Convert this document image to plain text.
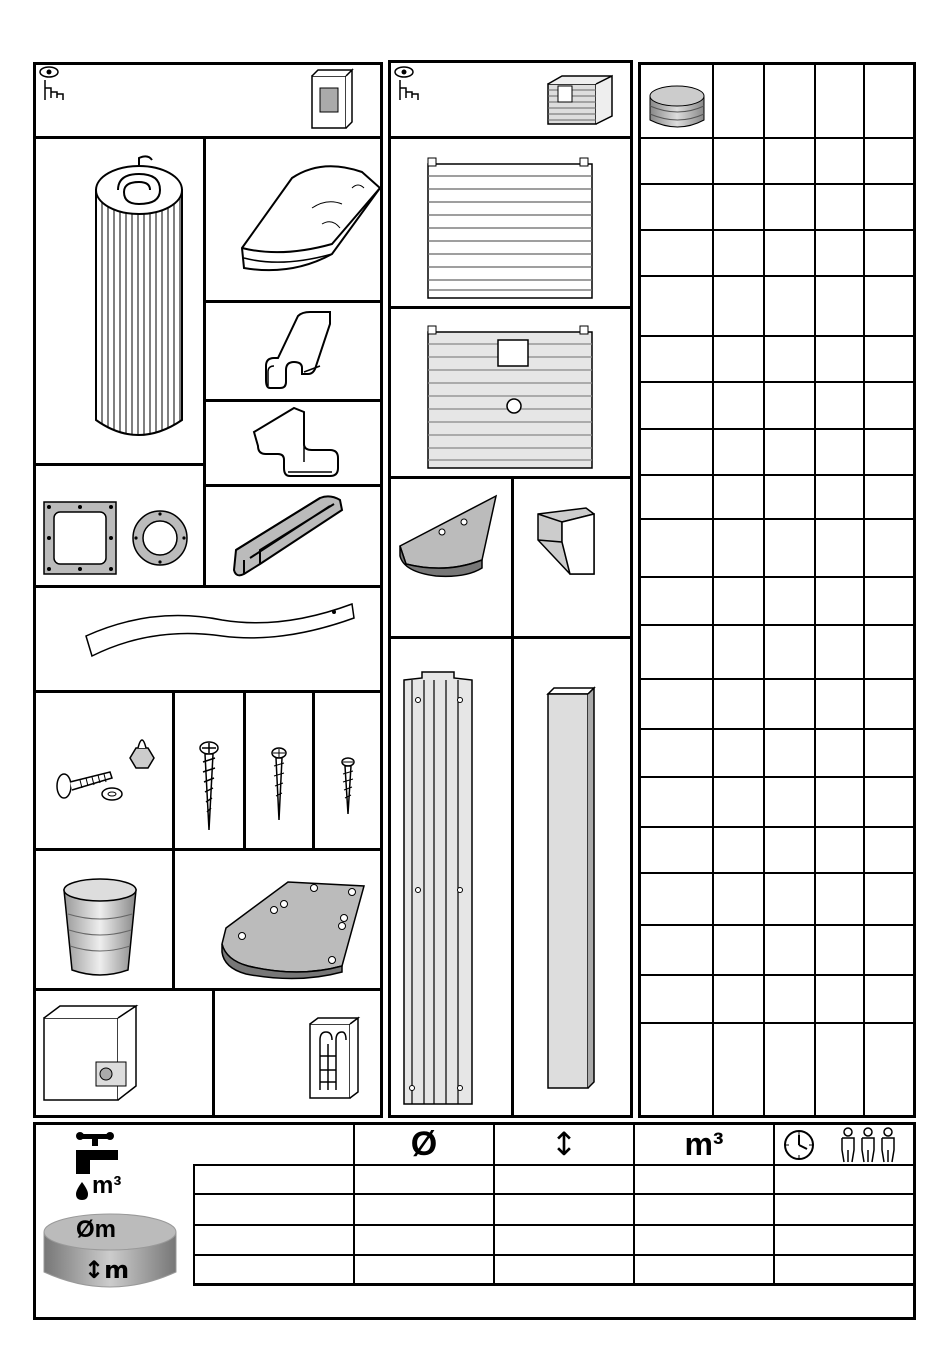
Ø	↕	m³
m³
Øm
↕m
